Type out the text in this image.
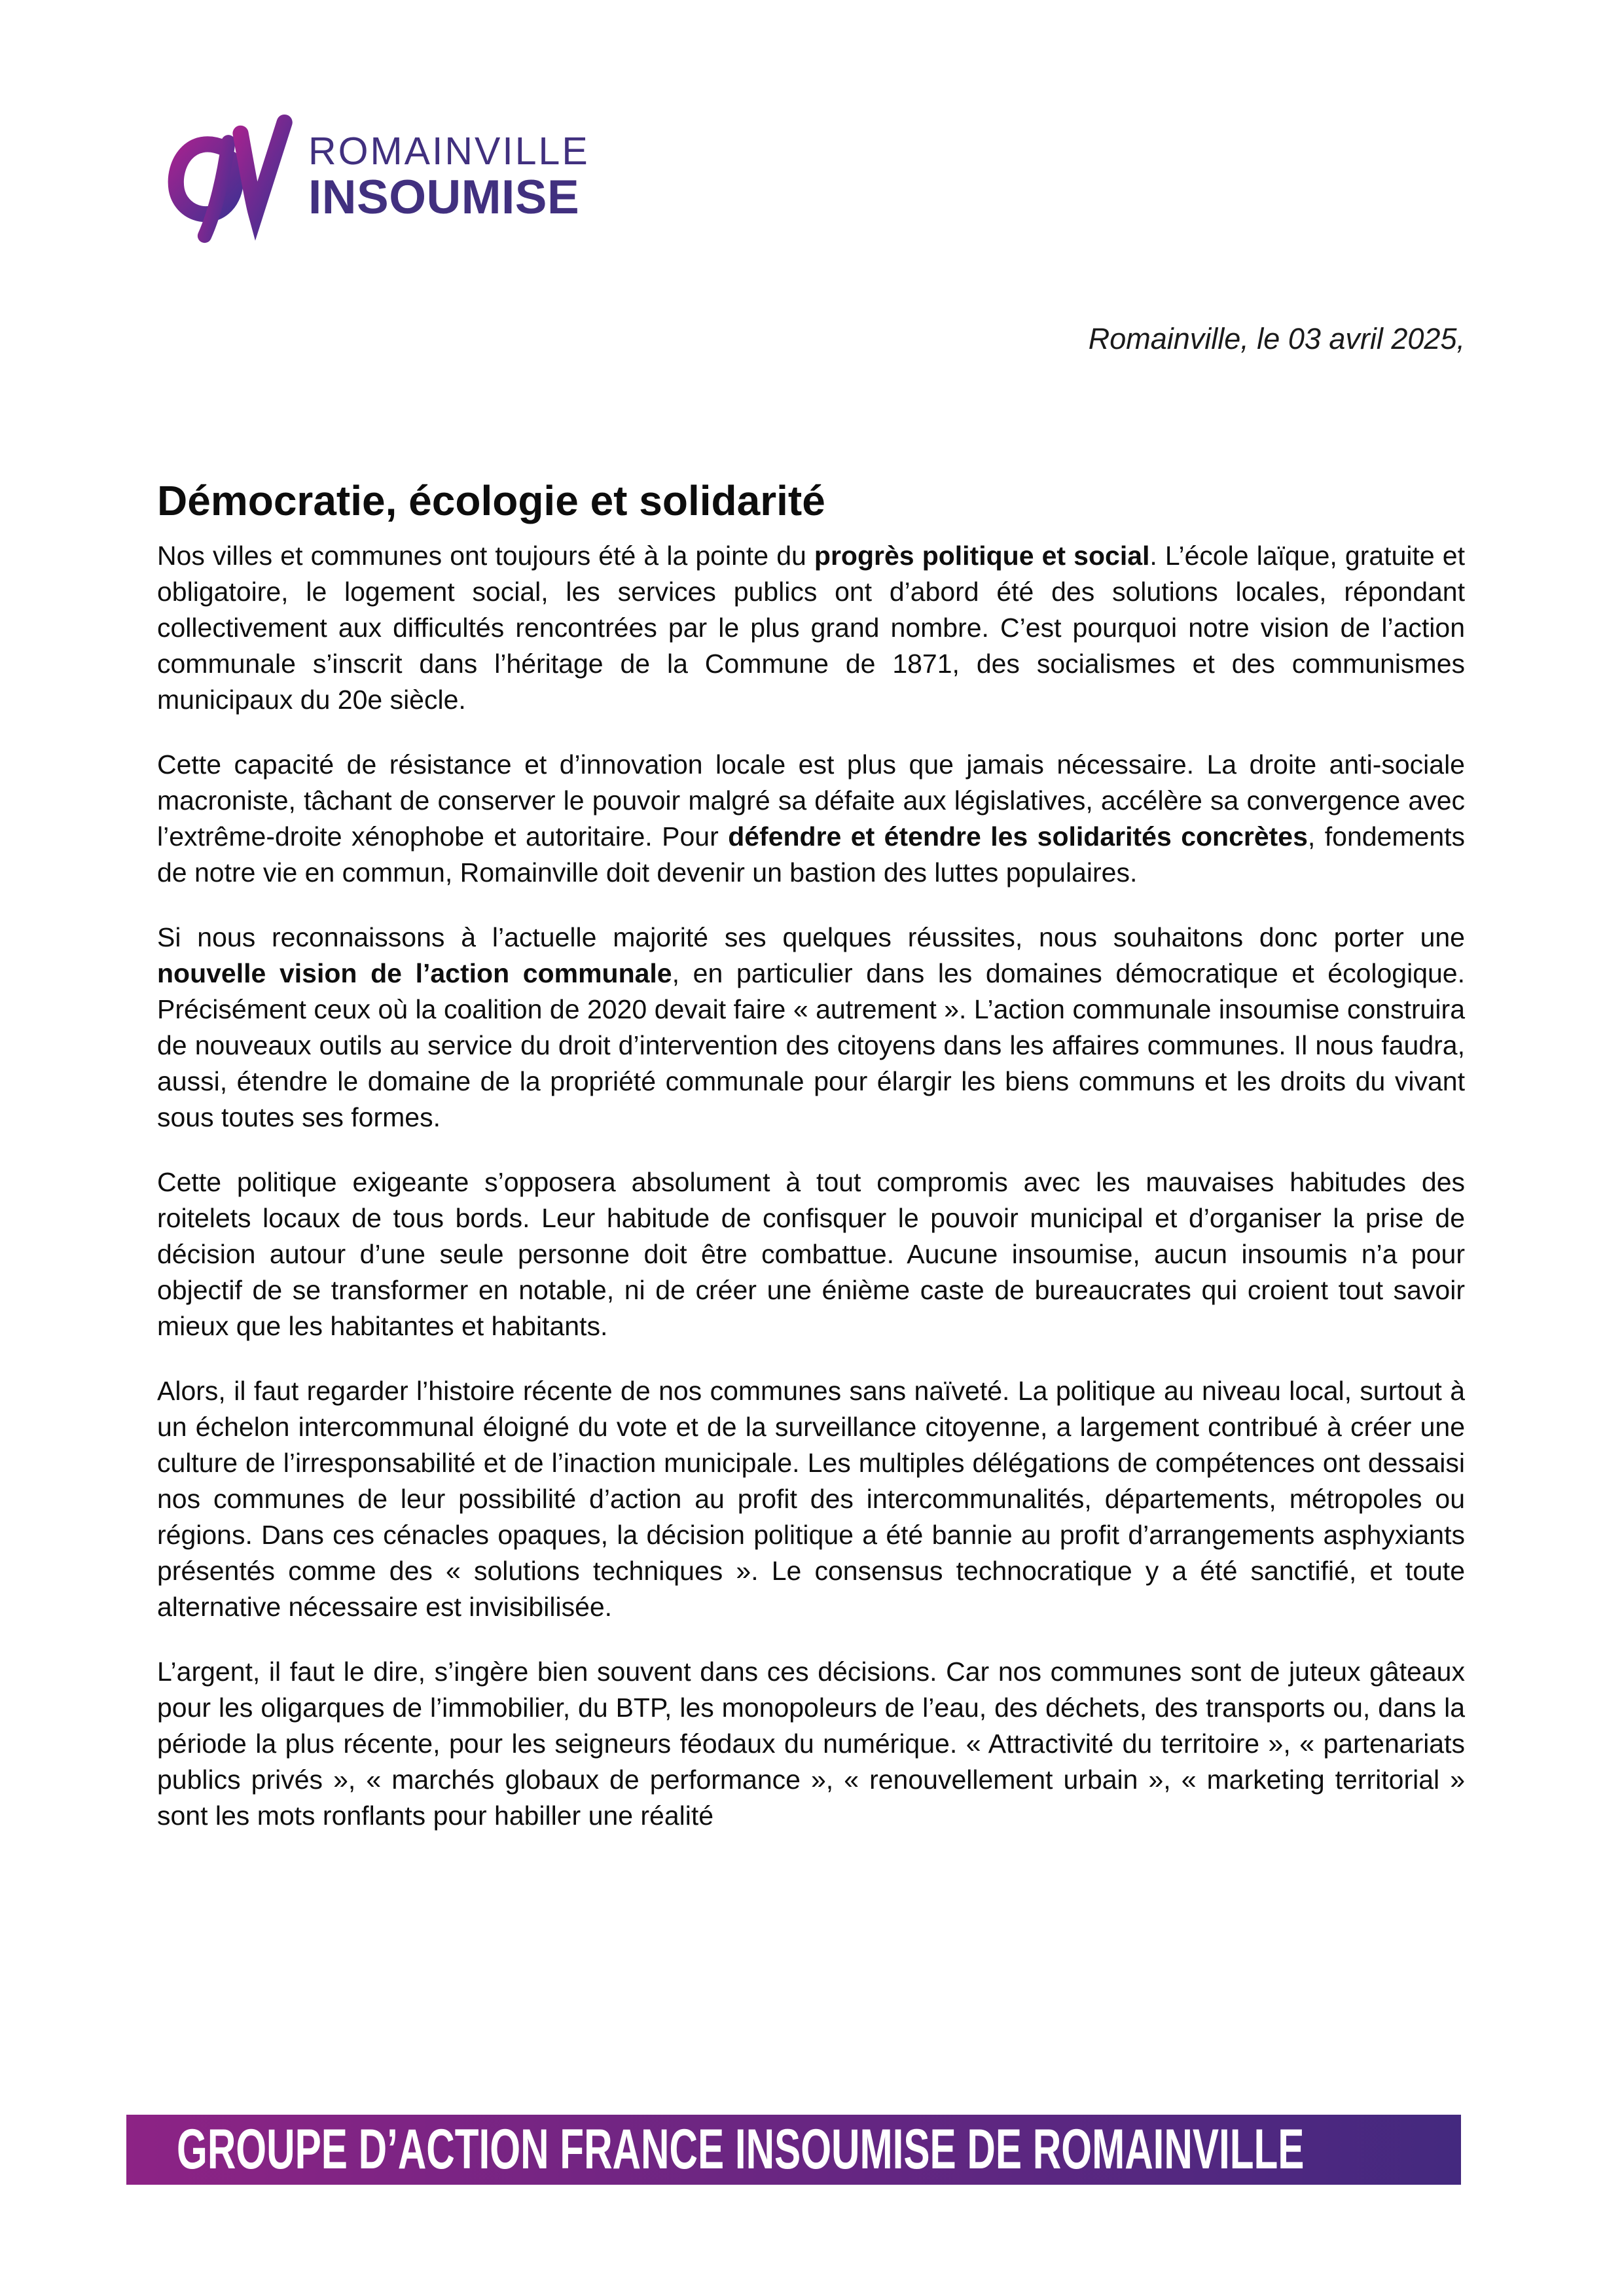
ROMAINVILLE
INSOUMISE
Romainville, le 03 avril 2025,
Démocratie, écologie et solidarité

Nos villes et communes ont toujours été à la pointe du progrès politique et social. L’école laïque, gratuite et obligatoire, le logement social, les services publics ont d’abord été des solutions locales, répondant collectivement aux difficultés rencontrées par le plus grand nombre. C’est pourquoi notre vision de l’action communale s’inscrit dans l’héritage de la Commune de 1871, des socialismes et des communismes municipaux du 20e siècle.

Cette capacité de résistance et d’innovation locale est plus que jamais nécessaire. La droite anti-sociale macroniste, tâchant de conserver le pouvoir malgré sa défaite aux législatives, accélère sa convergence avec l’extrême-droite xénophobe et autoritaire. Pour défendre et étendre les solidarités concrètes, fondements de notre vie en commun, Romainville doit devenir un bastion des luttes populaires.

Si nous reconnaissons à l’actuelle majorité ses quelques réussites, nous souhaitons donc porter une nouvelle vision de l’action communale, en particulier dans les domaines démocratique et écologique. Précisément ceux où la coalition de 2020 devait faire « autrement ». L’action communale insoumise construira de nouveaux outils au service du droit d’intervention des citoyens dans les affaires communes. Il nous faudra, aussi, étendre le domaine de la propriété communale pour élargir les biens communs et les droits du vivant sous toutes ses formes.

Cette politique exigeante s’opposera absolument à tout compromis avec les mauvaises habitudes des roitelets locaux de tous bords. Leur habitude de confisquer le pouvoir municipal et d’organiser la prise de décision autour d’une seule personne doit être combattue. Aucune insoumise, aucun insoumis n’a pour objectif de se transformer en notable, ni de créer une énième caste de bureaucrates qui croient tout savoir mieux que les habitantes et habitants.

Alors, il faut regarder l’histoire récente de nos communes sans naïveté. La politique au niveau local, surtout à un échelon intercommunal éloigné du vote et de la surveillance citoyenne, a largement contribué à créer une culture de l’irresponsabilité et de l’inaction municipale. Les multiples délégations de compétences ont dessaisi nos communes de leur possibilité d’action au profit des intercommunalités, départements, métropoles ou régions. Dans ces cénacles opaques, la décision politique a été bannie au profit d’arrangements asphyxiants présentés comme des « solutions techniques ». Le consensus technocratique y a été sanctifié, et toute alternative nécessaire est invisibilisée.

L’argent, il faut le dire, s’ingère bien souvent dans ces décisions. Car nos communes sont de juteux gâteaux pour les oligarques de l’immobilier, du BTP, les monopoleurs de l’eau, des déchets, des transports ou, dans la période la plus récente, pour les seigneurs féodaux du numérique. « Attractivité du territoire », « partenariats publics privés », « marchés globaux de performance », « renouvellement urbain », « marketing territorial » sont les mots ronflants pour habiller une réalité

GROUPE D’ACTION FRANCE INSOUMISE DE ROMAINVILLE
